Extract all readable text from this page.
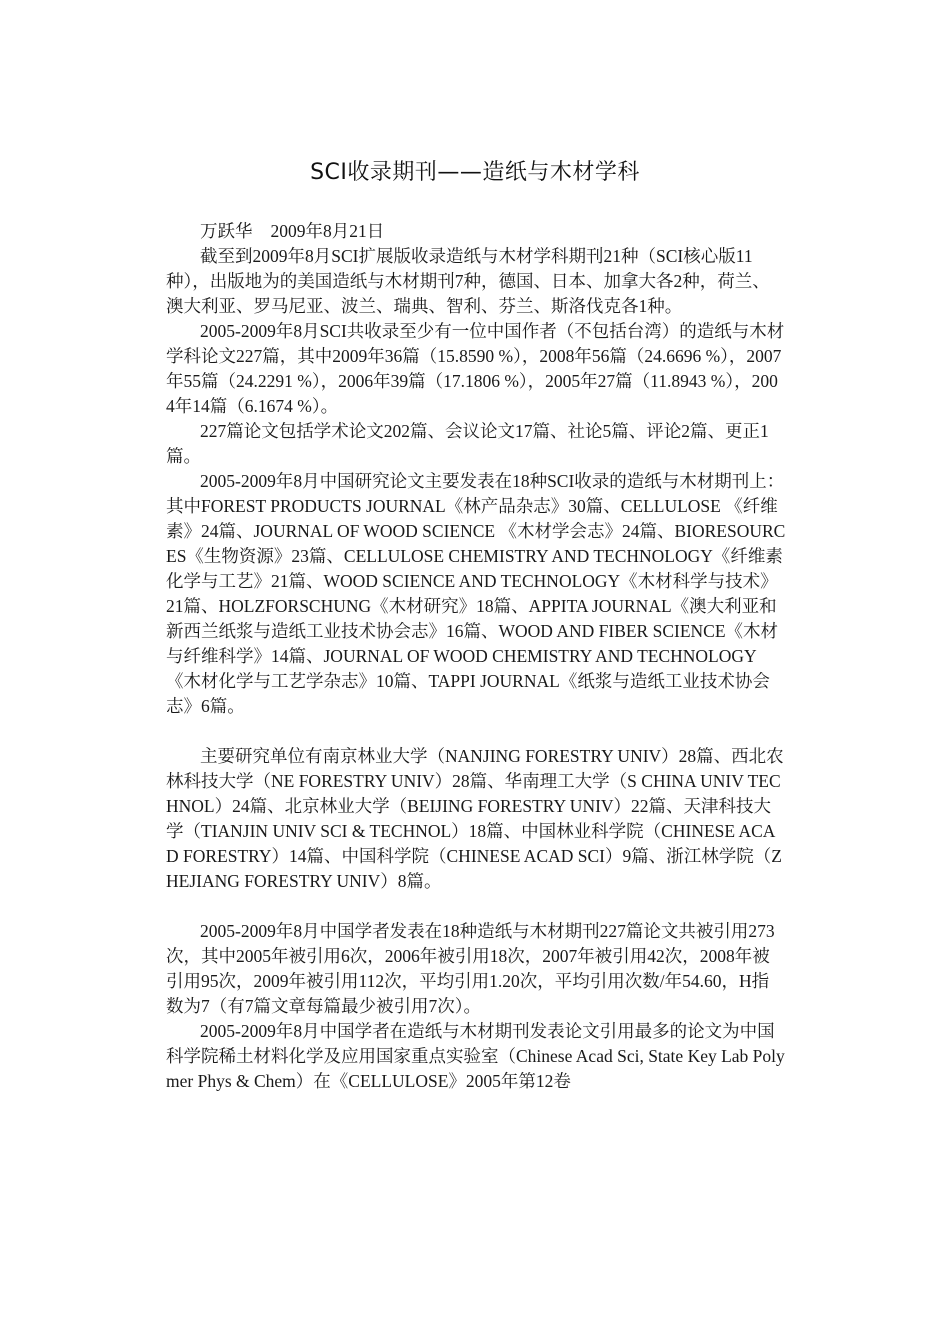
SCI收录期刊——造纸与木材学科

万跃华 2009年8月21日

截至到2009年8月SCI扩展版收录造纸与木材学科期刊21种（SCI核心版11种），出版地为的美国造纸与木材期刊7种，德国、日本、加拿大各2种，荷兰、澳大利亚、罗马尼亚、波兰、瑞典、智利、芬兰、斯洛伐克各1种。

2005-2009年8月SCI共收录至少有一位中国作者（不包括台湾）的造纸与木材学科论文227篇，其中2009年36篇（15.8590 %），2008年56篇（24.6696 %），2007年55篇（24.2291 %），2006年39篇（17.1806 %），2005年27篇（11.8943 %），2004年14篇（6.1674 %）。

227篇论文包括学术论文202篇、会议论文17篇、社论5篇、评论2篇、更正1篇。

2005-2009年8月中国研究论文主要发表在18种SCI收录的造纸与木材期刊上：其中FOREST PRODUCTS JOURNAL《林产品杂志》30篇、CELLULOSE 《纤维素》24篇、JOURNAL OF WOOD SCIENCE 《木材学会志》24篇、BIORESOURCES《生物资源》23篇、CELLULOSE CHEMISTRY AND TECHNOLOGY《纤维素化学与工艺》21篇、WOOD SCIENCE AND TECHNOLOGY《木材科学与技术》21篇、HOLZFORSCHUNG《木材研究》18篇、APPITA JOURNAL《澳大利亚和新西兰纸浆与造纸工业技术协会志》16篇、WOOD AND FIBER SCIENCE《木材与纤维科学》14篇、JOURNAL OF WOOD CHEMISTRY AND TECHNOLOGY《木材化学与工艺学杂志》10篇、TAPPI JOURNAL《纸浆与造纸工业技术协会志》6篇。

主要研究单位有南京林业大学（NANJING FORESTRY UNIV）28篇、西北农林科技大学（NE FORESTRY UNIV）28篇、华南理工大学（S CHINA UNIV TECHNOL）24篇、北京林业大学（BEIJING FORESTRY UNIV）22篇、天津科技大学（TIANJIN UNIV SCI & TECHNOL）18篇、中国林业科学院（CHINESE ACAD FORESTRY）14篇、中国科学院（CHINESE ACAD SCI）9篇、浙江林学院（ZHEJIANG FORESTRY UNIV）8篇。

2005-2009年8月中国学者发表在18种造纸与木材期刊227篇论文共被引用273次，其中2005年被引用6次，2006年被引用18次，2007年被引用42次，2008年被引用95次，2009年被引用112次，平均引用1.20次，平均引用次数/年54.60，H指数为7（有7篇文章每篇最少被引用7次）。

2005-2009年8月中国学者在造纸与木材期刊发表论文引用最多的论文为中国科学院稀土材料化学及应用国家重点实验室（Chinese Acad Sci, State Key Lab Polymer Phys & Chem）在《CELLULOSE》2005年第12卷
